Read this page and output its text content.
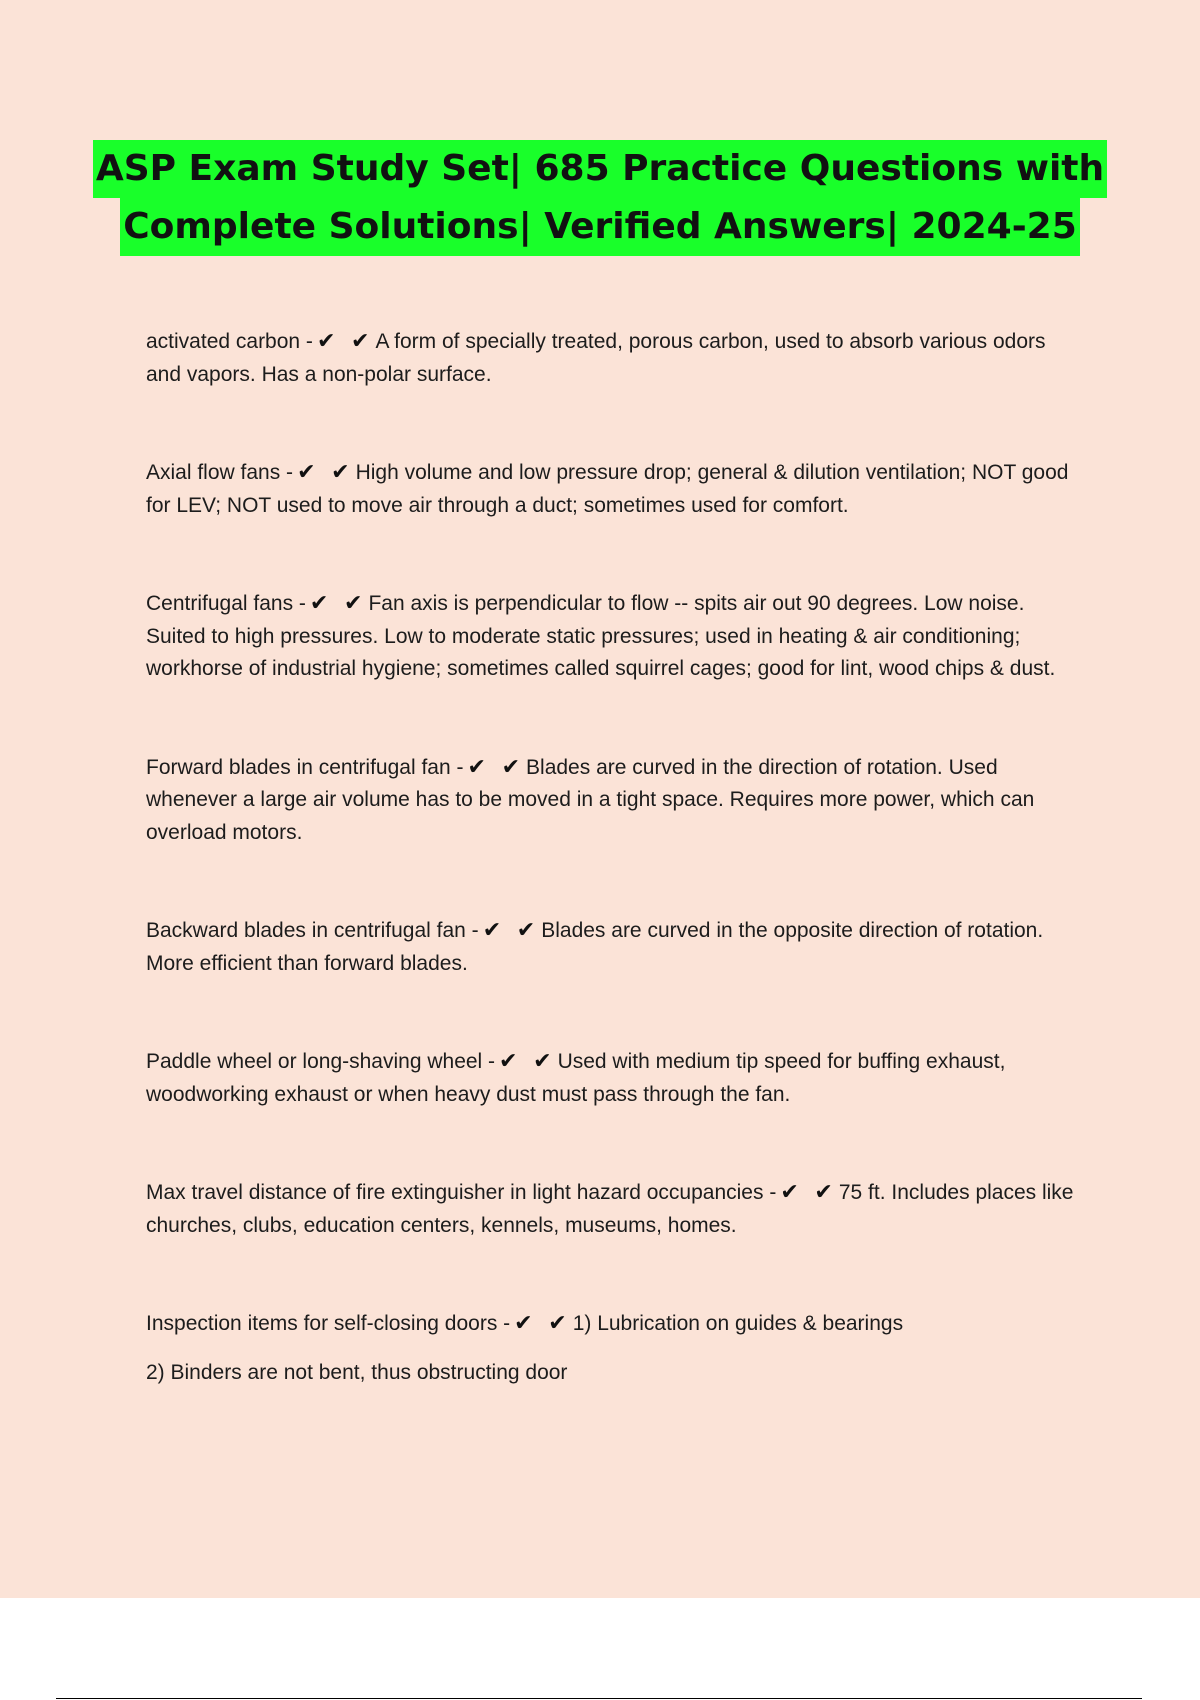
ASP Exam Study Set| 685 Practice Questions with
Complete Solutions| Verified Answers| 2024-25
activated carbon - ✔ ✔A form of specially treated, porous carbon, used to absorb various odors and vapors. Has a non-polar surface.
Axial flow fans - ✔ ✔High volume and low pressure drop; general & dilution ventilation; NOT good for LEV; NOT used to move air through a duct; sometimes used for comfort.
Centrifugal fans - ✔ ✔Fan axis is perpendicular to flow -- spits air out 90 degrees. Low noise. Suited to high pressures. Low to moderate static pressures; used in heating & air conditioning; workhorse of industrial hygiene; sometimes called squirrel cages; good for lint, wood chips & dust.
Forward blades in centrifugal fan - ✔ ✔Blades are curved in the direction of rotation. Used whenever a large air volume has to be moved in a tight space. Requires more power, which can overload motors.
Backward blades in centrifugal fan - ✔ ✔Blades are curved in the opposite direction of rotation. More efficient than forward blades.
Paddle wheel or long-shaving wheel - ✔ ✔Used with medium tip speed for buffing exhaust, woodworking exhaust or when heavy dust must pass through the fan.
Max travel distance of fire extinguisher in light hazard occupancies - ✔ ✔75 ft. Includes places like churches, clubs, education centers, kennels, museums, homes.
Inspection items for self-closing doors - ✔ ✔1) Lubrication on guides & bearings
2) Binders are not bent, thus obstructing door
